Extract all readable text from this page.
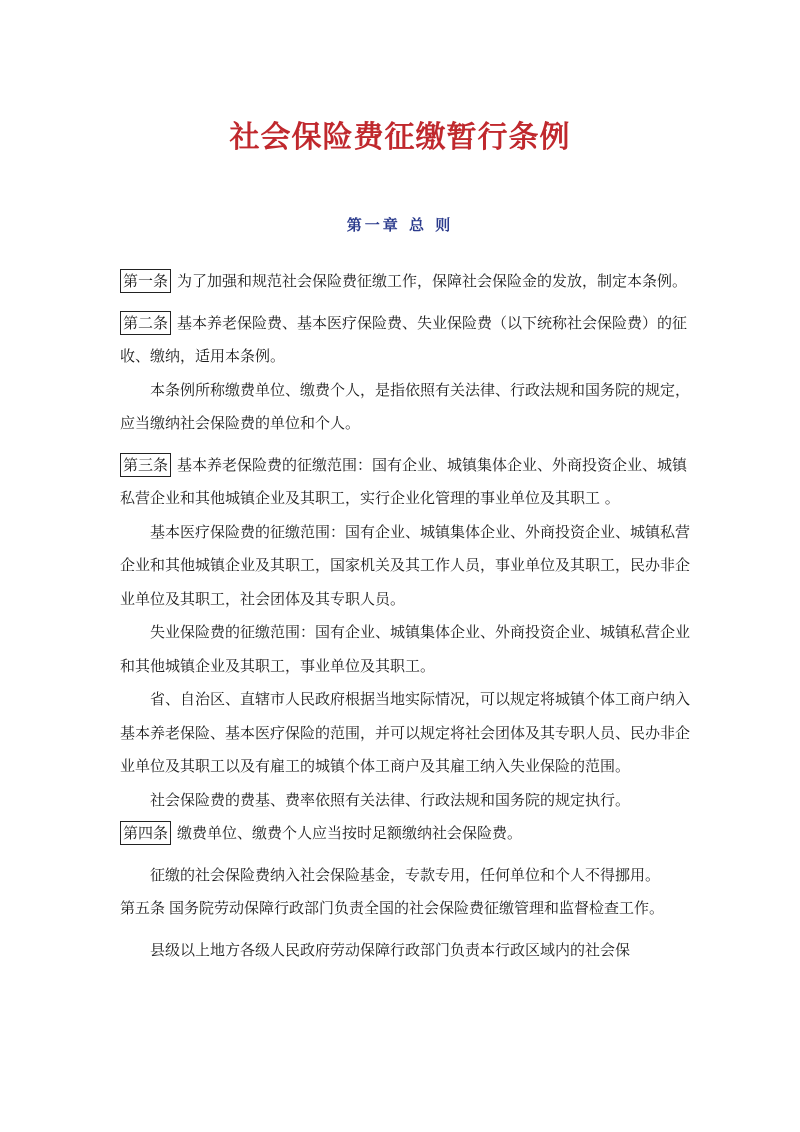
社会保险费征缴暂行条例
第一章 总 则

第一条 为了加强和规范社会保险费征缴工作，保障社会保险金的发放，制定本条例。

第二条 基本养老保险费、基本医疗保险费、失业保险费（以下统称社会保险费）的征收、缴纳，适用本条例。

本条例所称缴费单位、缴费个人，是指依照有关法律、行政法规和国务院的规定，应当缴纳社会保险费的单位和个人。

第三条 基本养老保险费的征缴范围：国有企业、城镇集体企业、外商投资企业、城镇私营企业和其他城镇企业及其职工，实行企业化管理的事业单位及其职工 。

基本医疗保险费的征缴范围：国有企业、城镇集体企业、外商投资企业、城镇私营企业和其他城镇企业及其职工，国家机关及其工作人员，事业单位及其职工，民办非企业单位及其职工，社会团体及其专职人员。

失业保险费的征缴范围：国有企业、城镇集体企业、外商投资企业、城镇私营企业和其他城镇企业及其职工，事业单位及其职工。

省、自治区、直辖市人民政府根据当地实际情况，可以规定将城镇个体工商户纳入基本养老保险、基本医疗保险的范围，并可以规定将社会团体及其专职人员、民办非企业单位及其职工以及有雇工的城镇个体工商户及其雇工纳入失业保险的范围。

社会保险费的费基、费率依照有关法律、行政法规和国务院的规定执行。

第四条 缴费单位、缴费个人应当按时足额缴纳社会保险费。

征缴的社会保险费纳入社会保险基金，专款专用，任何单位和个人不得挪用。

第五条 国务院劳动保障行政部门负责全国的社会保险费征缴管理和监督检查工作。

县级以上地方各级人民政府劳动保障行政部门负责本行政区域内的社会保
